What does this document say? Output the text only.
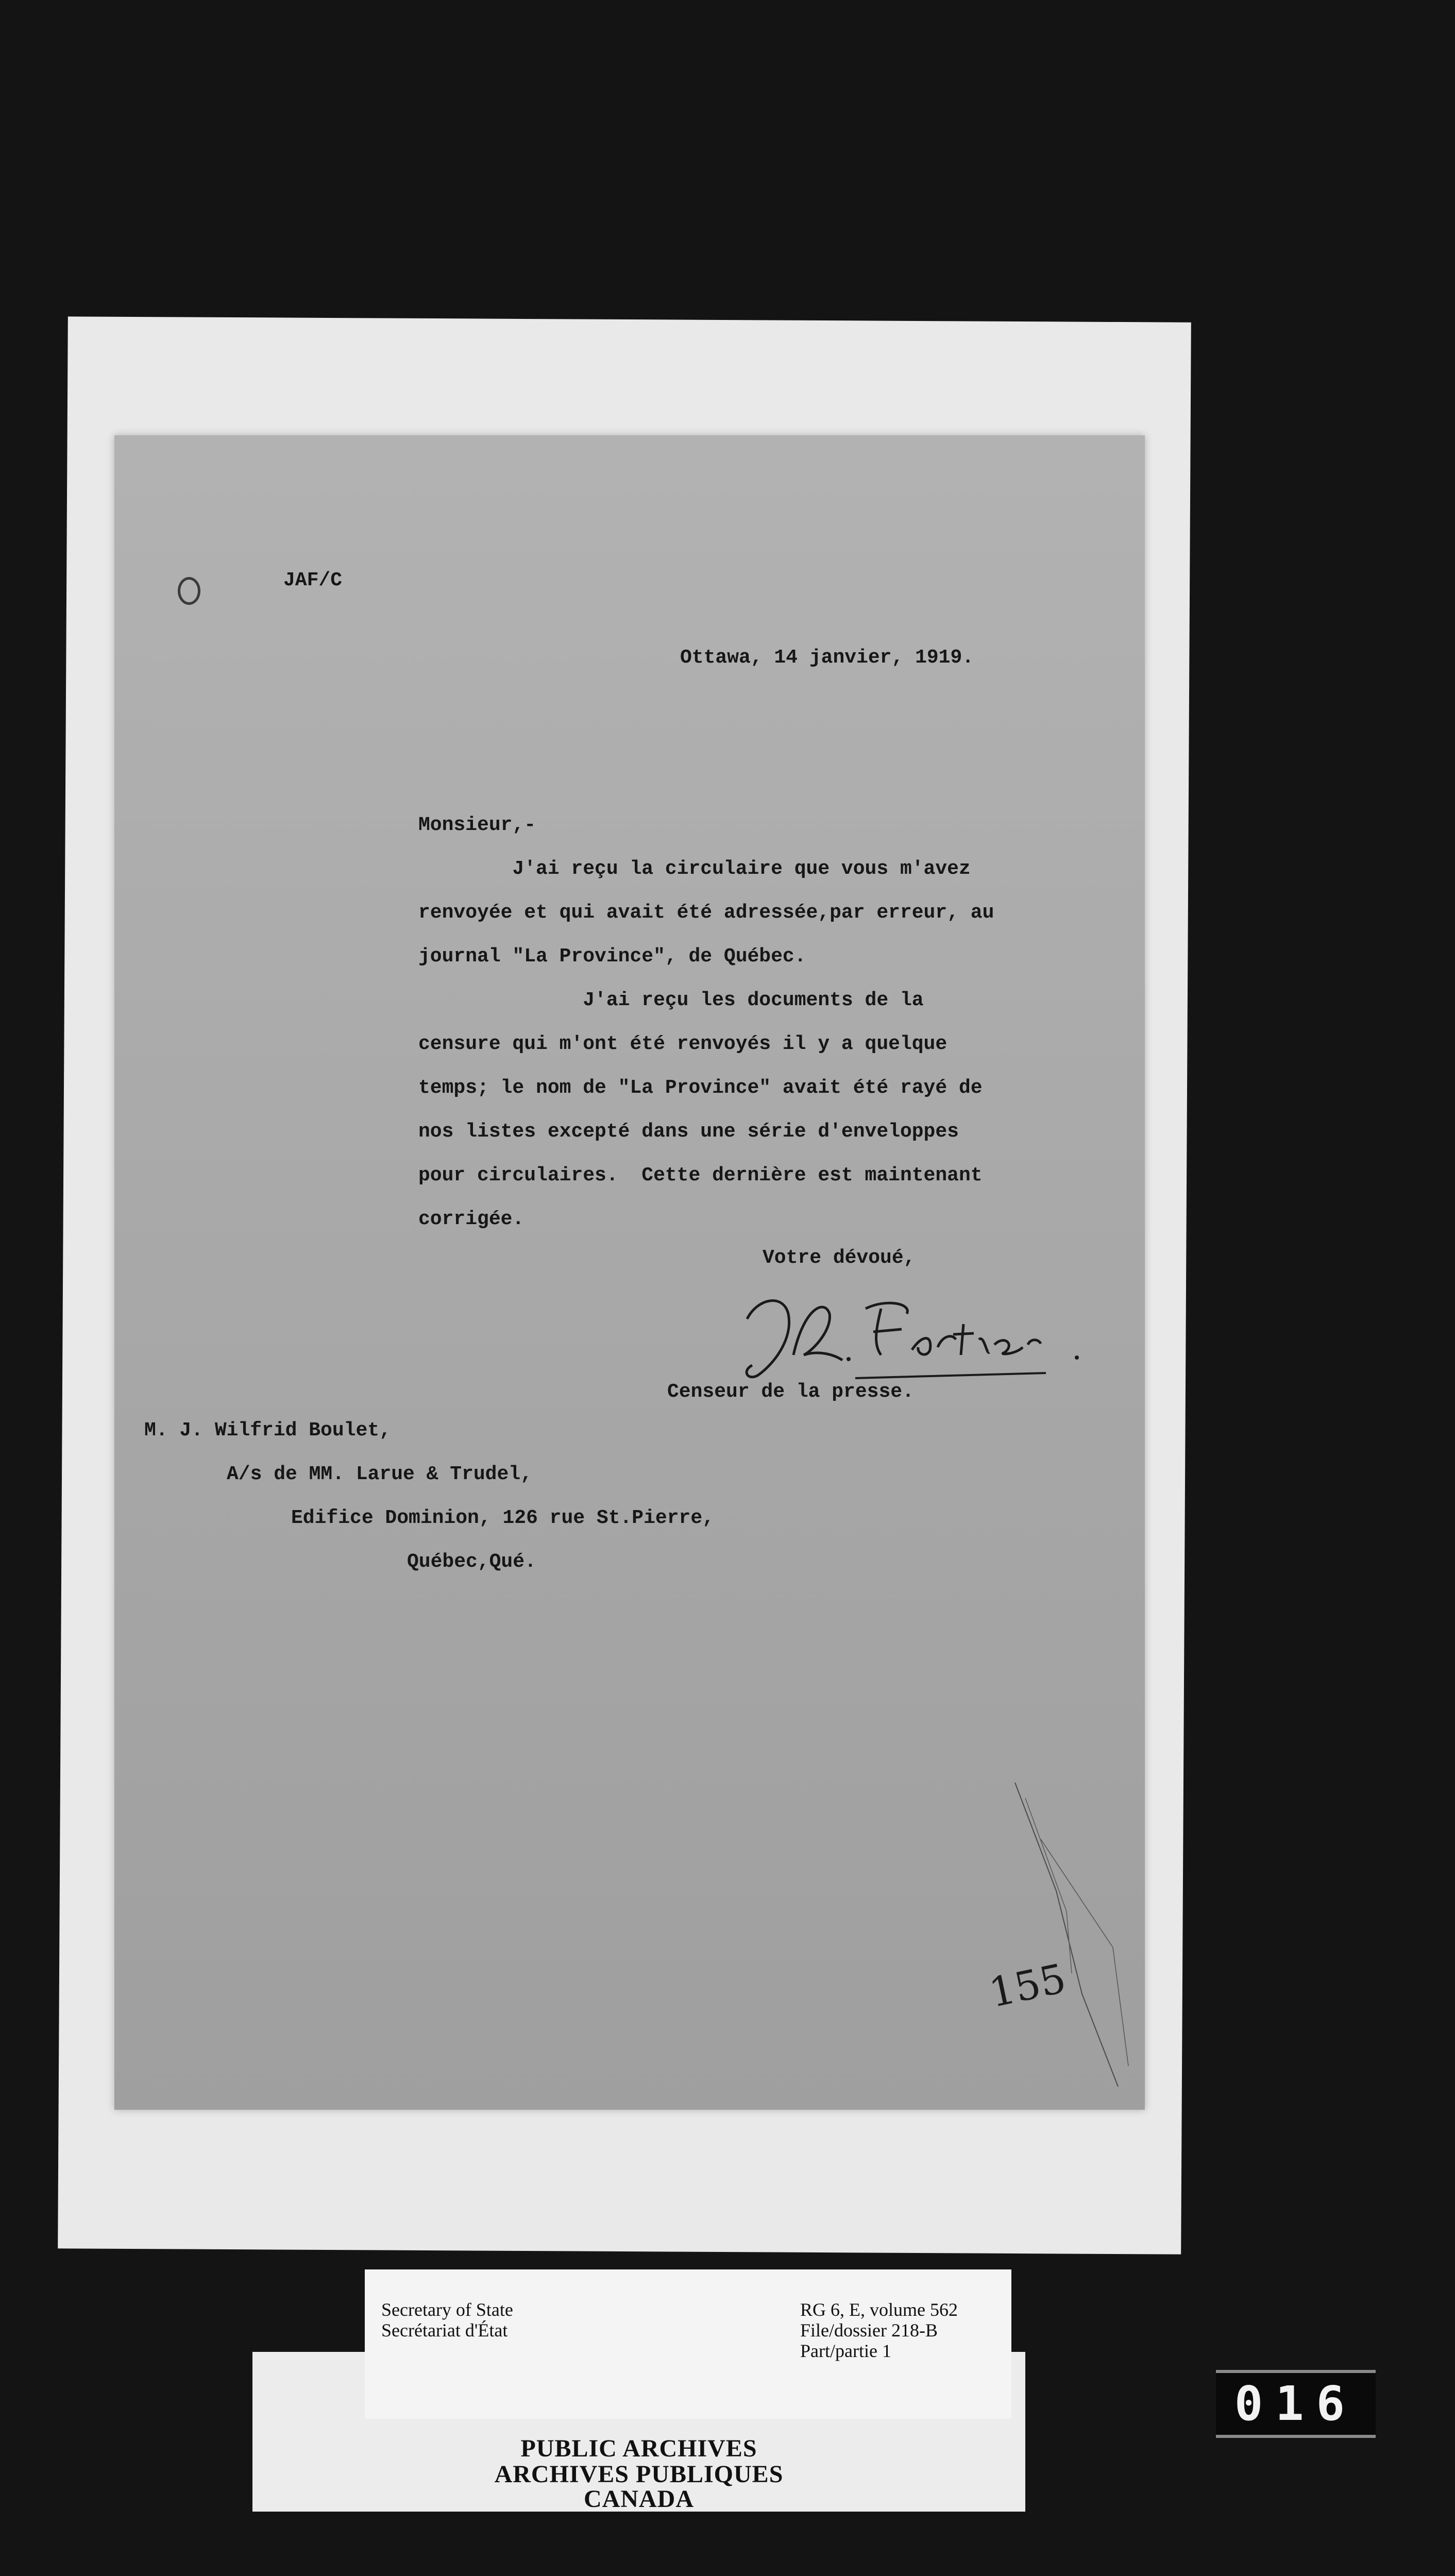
JAF/C
Ottawa, 14 janvier, 1919.
Monsieur,-
J'ai reçu la circulaire que vous m'avez
renvoyée et qui avait été adressée,par erreur, au
journal "La Province", de Québec.
J'ai reçu les documents de la
censure qui m'ont été renvoyés il y a quelque
temps; le nom de "La Province" avait été rayé de
nos listes excepté dans une série d'enveloppes
pour circulaires.  Cette dernière est maintenant
corrigée.
Votre dévoué,
Censeur de la presse.
M. J. Wilfrid Boulet,
A/s de MM. Larue & Trudel,
Edifice Dominion, 126 rue St.Pierre,
Québec,Qué.
155
PUBLIC ARCHIVES
ARCHIVES PUBLIQUES
CANADA
Secretary of State
Secrétariat d'État
RG 6, E, volume 562
File/dossier 218-B
Part/partie 1
016
